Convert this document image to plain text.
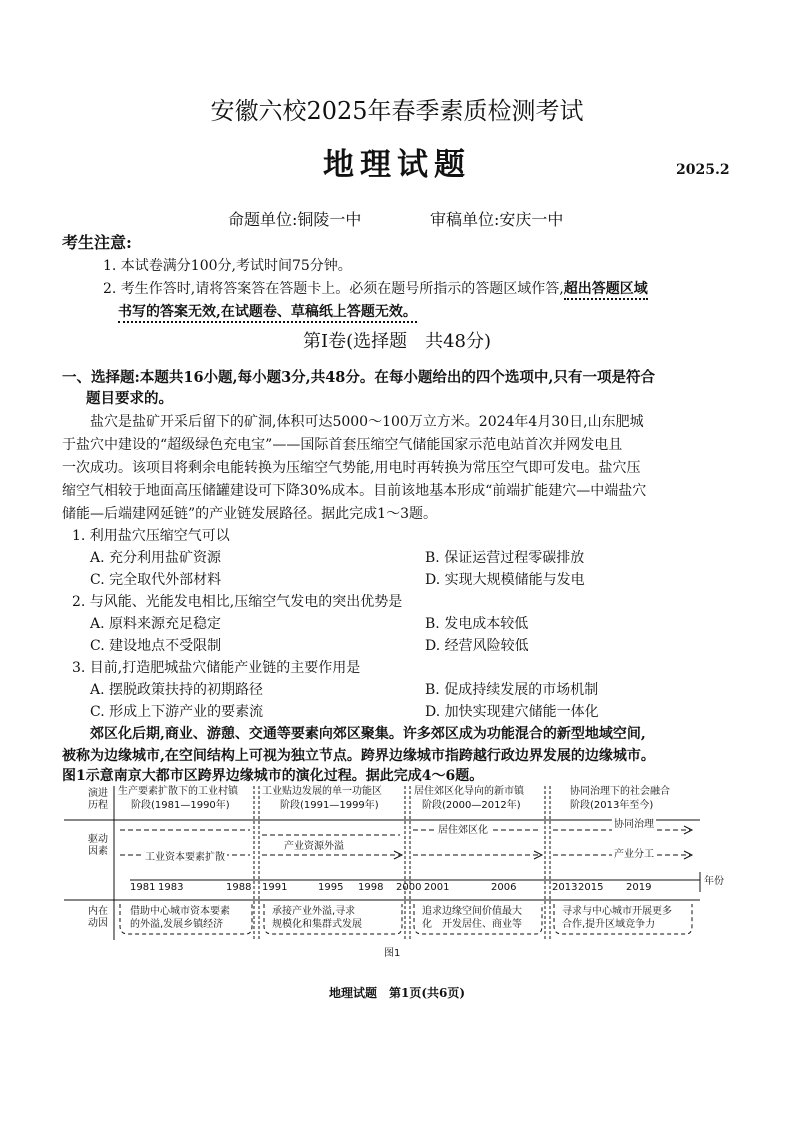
安徽六校2025年春季素质检测考试
地理试题	2025.2
命题单位:铜陵一中	审稿单位:安庆一中
考生注意:
1. 本试卷满分100分,考试时间75分钟。
2. 考生作答时,请将答案答在答题卡上。必须在题号所指示的答题区域作答,超出答题区域
书写的答案无效,在试题卷、草稿纸上答题无效。
第Ⅰ卷(选择题　共48分)
一、选择题:本题共16小题,每小题3分,共48分。在每小题给出的四个选项中,只有一项是符合
题目要求的。
　　盐穴是盐矿开采后留下的矿洞,体积可达5000～100万立方米。2024年4月30日,山东肥城
于盐穴中建设的“超级绿色充电宝”——国际首套压缩空气储能国家示范电站首次并网发电且
一次成功。该项目将剩余电能转换为压缩空气势能,用电时再转换为常压空气即可发电。盐穴压
缩空气相较于地面高压储罐建设可下降30%成本。目前该地基本形成“前端扩能建穴—中端盐穴
储能—后端建网延链”的产业链发展路径。据此完成1～3题。
1. 利用盐穴压缩空气可以
A. 充分利用盐矿资源	B. 保证运营过程零碳排放
C. 完全取代外部材料	D. 实现大规模储能与发电
2. 与风能、光能发电相比,压缩空气发电的突出优势是
A. 原料来源充足稳定	B. 发电成本较低
C. 建设地点不受限制	D. 经营风险较低
3. 目前,打造肥城盐穴储能产业链的主要作用是
A. 摆脱政策扶持的初期路径	B. 促成持续发展的市场机制
C. 形成上下游产业的要素流	D. 加快实现建穴储能一体化
　　郊区化后期,商业、游憩、交通等要素向郊区聚集。许多郊区成为功能混合的新型地域空间,
被称为边缘城市,在空间结构上可视为独立节点。跨界边缘城市指跨越行政边界发展的边缘城市。
图1示意南京大都市区跨界边缘城市的演化过程。据此完成4～6题。
演进历程
驱动因素
内在动因
生产要素扩散下的工业村镇
阶段(1981—1990年)
工业贴边发展的单一功能区
阶段(1991—1999年)
居住郊区化导向的新市镇
阶段(2000—2012年)
协同治理下的社会融合
阶段(2013年至今)
工业资本要素扩散
产业资源外溢
居住郊区化
协同治理
产业分工
1981 1983	1988 1991	1995 1998 2000 2001	2006	2013 2015 2019
年份
借助中心城市资本要素
的外溢,发展乡镇经济
承接产业外溢,寻求
规模化和集群式发展
追求边缘空间价值最大
化　开发居住、商业等
寻求与中心城市开展更多
合作,提升区域竞争力
图1
地理试题　第1页(共6页)
